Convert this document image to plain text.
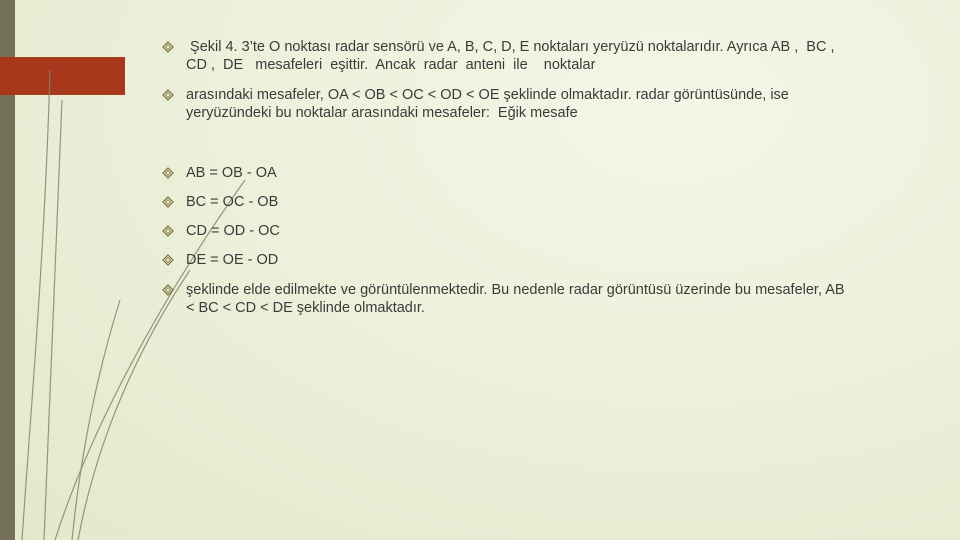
Şekil 4. 3’te O noktası radar sensörü ve A, B, C, D, E noktaları yeryüzü noktalarıdır. Ayrıca AB ,  BC ,  CD ,  DE   mesafeleri  eşittir.  Ancak  radar  anteni  ile    noktalar
arasındaki mesafeler, OA < OB < OC < OD < OE şeklinde olmaktadır. radar görüntüsünde, ise yeryüzündeki bu noktalar arasındaki mesafeler:  Eğik mesafe
AB = OB - OA
BC = OC - OB
CD = OD - OC
DE = OE - OD
şeklinde elde edilmekte ve görüntülenmektedir. Bu nedenle radar görüntüsü üzerinde bu mesafeler, AB < BC < CD < DE şeklinde olmaktadır.
